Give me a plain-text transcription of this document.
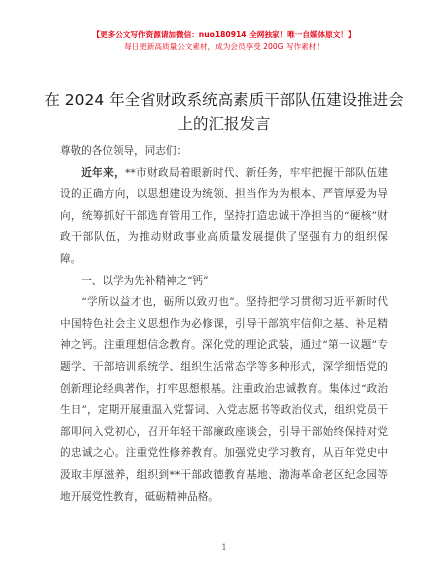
【更多公文写作资源请加微信：nuo180914 全网独家！唯一自媒体原文！】
每日更新高质量公文素材，成为会员享受 200G 写作素材！
在 2024 年全省财政系统高素质干部队伍建设推进会上的汇报发言

尊敬的各位领导，同志们：

近年来，**市财政局着眼新时代、新任务，牢牢把握干部队伍建设的正确方向，以思想建设为统领、担当作为为根本、严管厚爱为导向，统筹抓好干部选育管用工作，坚持打造忠诚干净担当的“硬核”财政干部队伍，为推动财政事业高质量发展提供了坚强有力的组织保障。

一、以学为先补精神之“钙”

“学所以益才也，砺所以致刃也”。坚持把学习贯彻习近平新时代中国特色社会主义思想作为必修课，引导干部筑牢信仰之基、补足精神之钙。注重理想信念教育。深化党的理论武装，通过“第一议题”专题学、干部培训系统学、组织生活常态学等多种形式，深学细悟党的创新理论经典著作，打牢思想根基。注重政治忠诚教育。集体过“政治生日”，定期开展重温入党誓词、入党志愿书等政治仪式，组织党员干部叩问入党初心，召开年轻干部廉政座谈会，引导干部始终保持对党的忠诚之心。注重党性修养教育。加强党史学习教育，从百年党史中汲取丰厚滋养，组织到**干部政德教育基地、渤海革命老区纪念园等地开展党性教育，砥砺精神品格。

1
